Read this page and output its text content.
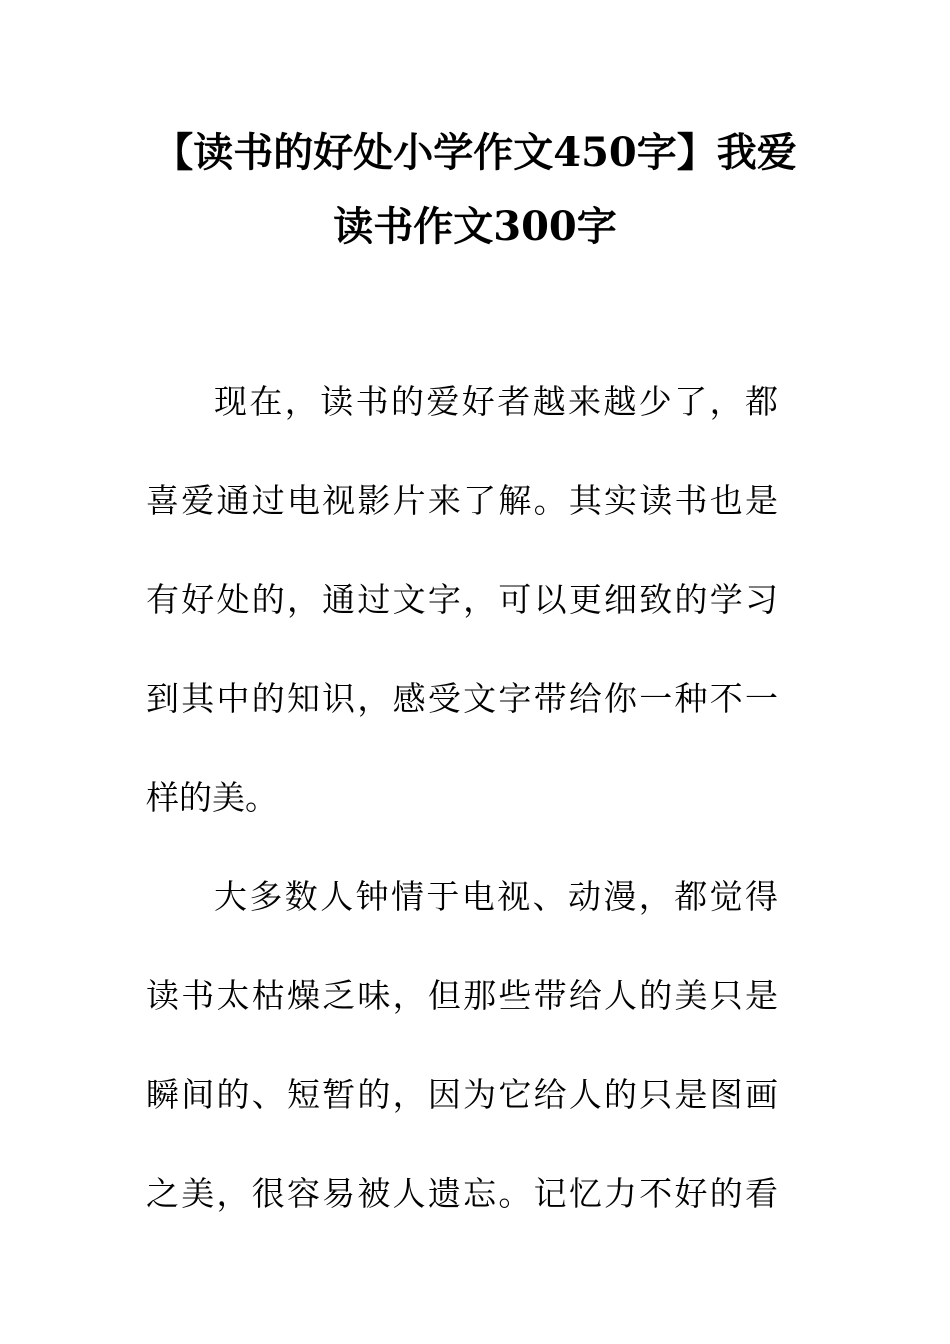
【读书的好处小学作文450字】我爱
读书作文300字
现在，读书的爱好者越来越少了，都
喜爱通过电视影片来了解。其实读书也是
有好处的，通过文字，可以更细致的学习
到其中的知识，感受文字带给你一种不一
样的美。
大多数人钟情于电视、动漫，都觉得
读书太枯燥乏味，但那些带给人的美只是
瞬间的、短暂的，因为它给人的只是图画
之美，很容易被人遗忘。记忆力不好的看
